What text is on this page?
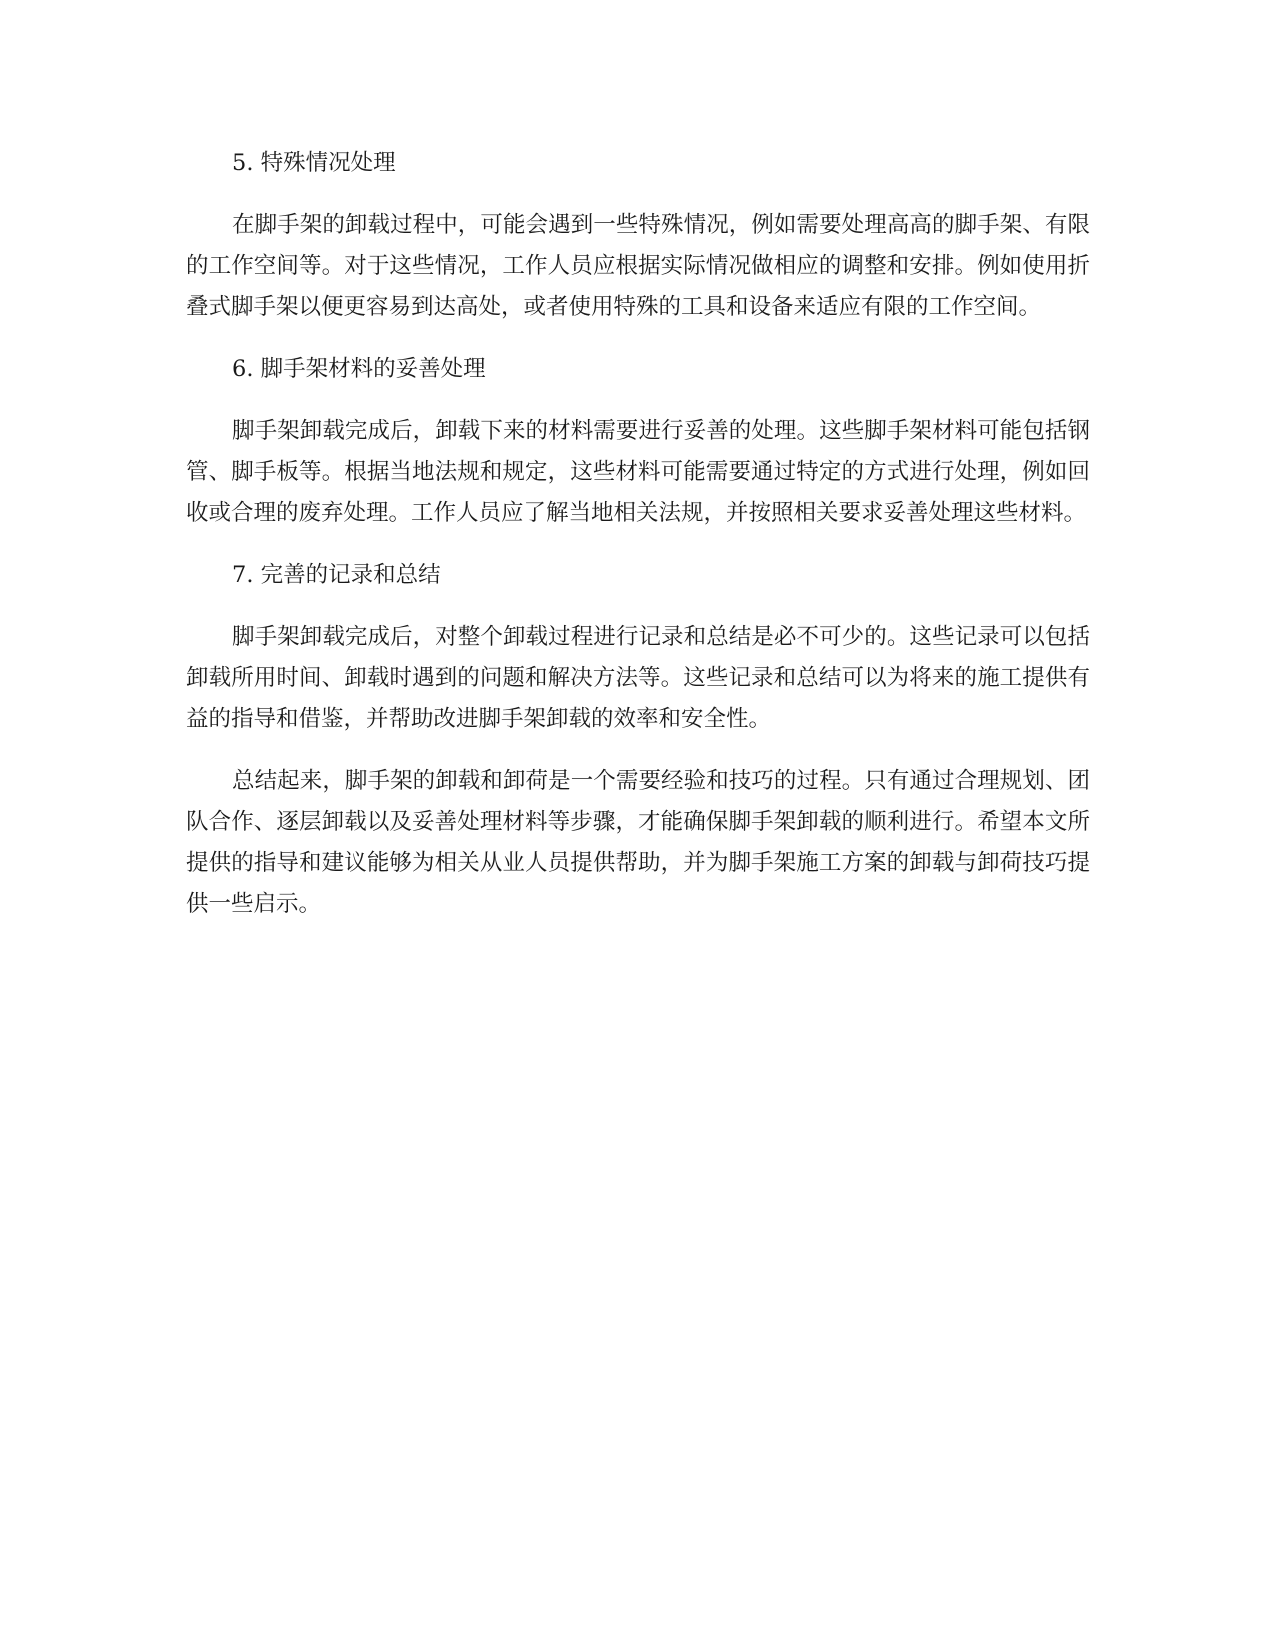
5. 特殊情况处理

在脚手架的卸载过程中，可能会遇到一些特殊情况，例如需要处理高高的脚手架、有限的工作空间等。对于这些情况，工作人员应根据实际情况做相应的调整和安排。例如使用折叠式脚手架以便更容易到达高处，或者使用特殊的工具和设备来适应有限的工作空间。

6. 脚手架材料的妥善处理

脚手架卸载完成后，卸载下来的材料需要进行妥善的处理。这些脚手架材料可能包括钢管、脚手板等。根据当地法规和规定，这些材料可能需要通过特定的方式进行处理，例如回收或合理的废弃处理。工作人员应了解当地相关法规，并按照相关要求妥善处理这些材料。

7. 完善的记录和总结

脚手架卸载完成后，对整个卸载过程进行记录和总结是必不可少的。这些记录可以包括卸载所用时间、卸载时遇到的问题和解决方法等。这些记录和总结可以为将来的施工提供有益的指导和借鉴，并帮助改进脚手架卸载的效率和安全性。

总结起来，脚手架的卸载和卸荷是一个需要经验和技巧的过程。只有通过合理规划、团队合作、逐层卸载以及妥善处理材料等步骤，才能确保脚手架卸载的顺利进行。希望本文所提供的指导和建议能够为相关从业人员提供帮助，并为脚手架施工方案的卸载与卸荷技巧提供一些启示。
